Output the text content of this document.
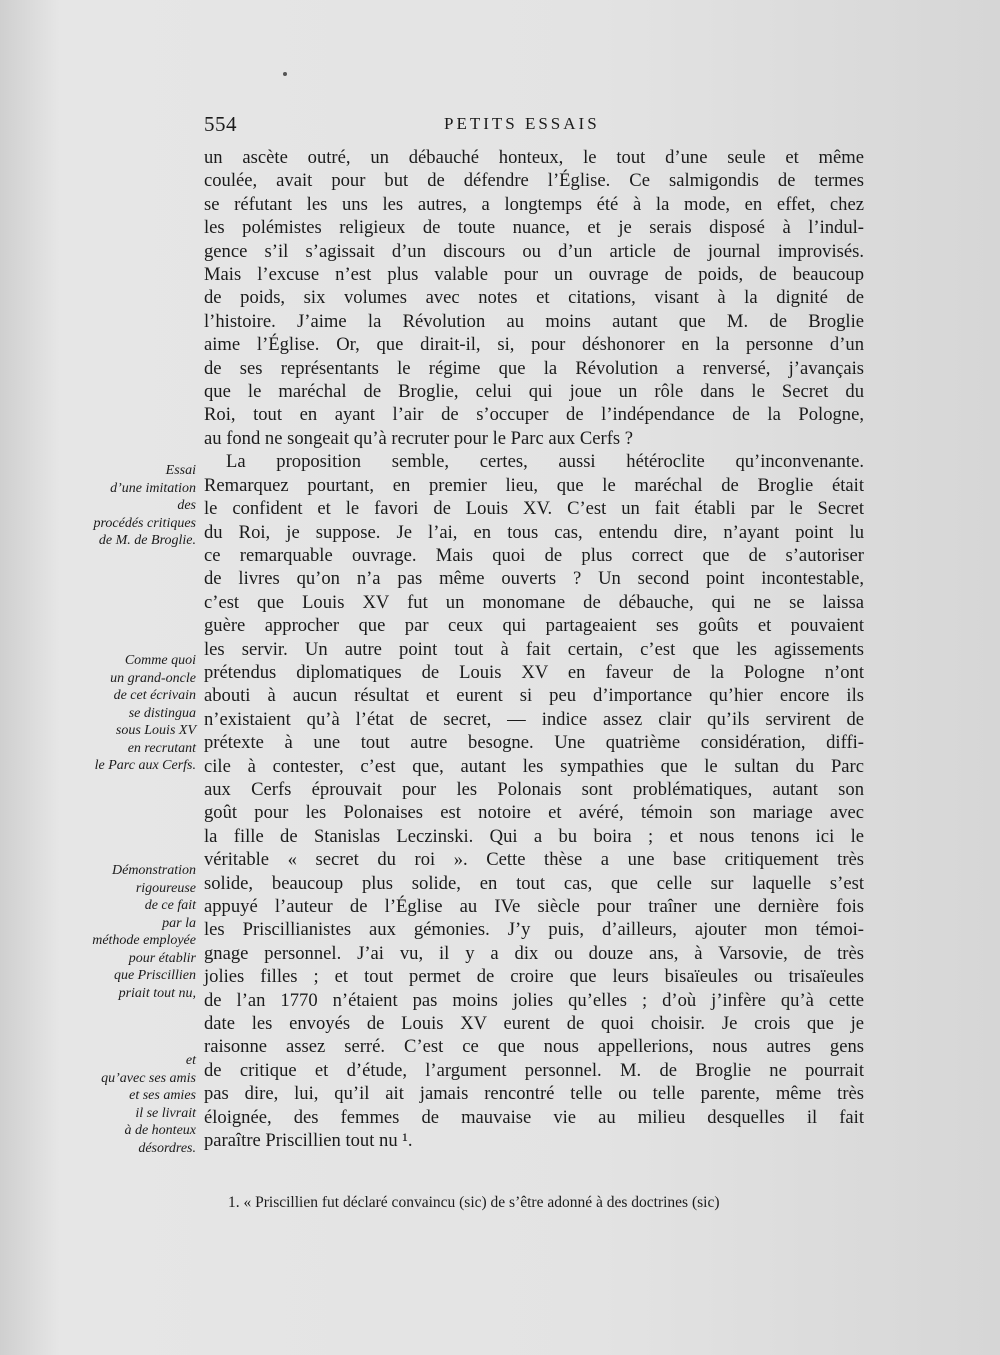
554	PETITS ESSAIS
un ascète outré, un débauché honteux, le tout d’une seule et même
coulée, avait pour but de défendre l’Église. Ce salmigondis de termes
se réfutant les uns les autres, a longtemps été à la mode, en effet, chez
les polémistes religieux de toute nuance, et je serais disposé à l’indul-
gence s’il s’agissait d’un discours ou d’un article de journal improvisés.
Mais l’excuse n’est plus valable pour un ouvrage de poids, de beaucoup
de poids, six volumes avec notes et citations, visant à la dignité de
l’histoire. J’aime la Révolution au moins autant que M. de Broglie
aime l’Église. Or, que dirait-il, si, pour déshonorer en la personne d’un
de ses représentants le régime que la Révolution a renversé, j’avançais
que le maréchal de Broglie, celui qui joue un rôle dans le Secret du
Roi, tout en ayant l’air de s’occuper de l’indépendance de la Pologne,
au fond ne songeait qu’à recruter pour le Parc aux Cerfs ?
La proposition semble, certes, aussi hétéroclite qu’inconvenante.
Remarquez pourtant, en premier lieu, que le maréchal de Broglie était
le confident et le favori de Louis XV. C’est un fait établi par le Secret
du Roi, je suppose. Je l’ai, en tous cas, entendu dire, n’ayant point lu
ce remarquable ouvrage. Mais quoi de plus correct que de s’autoriser
de livres qu’on n’a pas même ouverts ? Un second point incontestable,
c’est que Louis XV fut un monomane de débauche, qui ne se laissa
guère approcher que par ceux qui partageaient ses goûts et pouvaient
les servir. Un autre point tout à fait certain, c’est que les agissements
prétendus diplomatiques de Louis XV en faveur de la Pologne n’ont
abouti à aucun résultat et eurent si peu d’importance qu’hier encore ils
n’existaient qu’à l’état de secret, — indice assez clair qu’ils servirent de
prétexte à une tout autre besogne. Une quatrième considération, diffi-
cile à contester, c’est que, autant les sympathies que le sultan du Parc
aux Cerfs éprouvait pour les Polonais sont problématiques, autant son
goût pour les Polonaises est notoire et avéré, témoin son mariage avec
la fille de Stanislas Leczinski. Qui a bu boira ; et nous tenons ici le
véritable « secret du roi ». Cette thèse a une base critiquement très
solide, beaucoup plus solide, en tout cas, que celle sur laquelle s’est
appuyé l’auteur de l’Église au IVe siècle pour traîner une dernière fois
les Priscillianistes aux gémonies. J’y puis, d’ailleurs, ajouter mon témoi-
gnage personnel. J’ai vu, il y a dix ou douze ans, à Varsovie, de très
jolies filles ; et tout permet de croire que leurs bisaïeules ou trisaïeules
de l’an 1770 n’étaient pas moins jolies qu’elles ; d’où j’infère qu’à cette
date les envoyés de Louis XV eurent de quoi choisir. Je crois que je
raisonne assez serré. C’est ce que nous appellerions, nous autres gens
de critique et d’étude, l’argument personnel. M. de Broglie ne pourrait
pas dire, lui, qu’il ait jamais rencontré telle ou telle parente, même très
éloignée, des femmes de mauvaise vie au milieu desquelles il fait
paraître Priscillien tout nu ¹.
Essai
d’une imitation
des
procédés critiques
de M. de Broglie.
Comme quoi
un grand-oncle
de cet écrivain
se distingua
sous Louis XV
en recrutant
le Parc aux Cerfs.
Démonstration
rigoureuse
de ce fait
par la
méthode employée
pour établir
que Priscillien
priait tout nu,
et
qu’avec ses amis
et ses amies
il se livrait
à de honteux
désordres.
1. « Priscillien fut déclaré convaincu (sic) de s’être adonné à des doctrines (sic)
